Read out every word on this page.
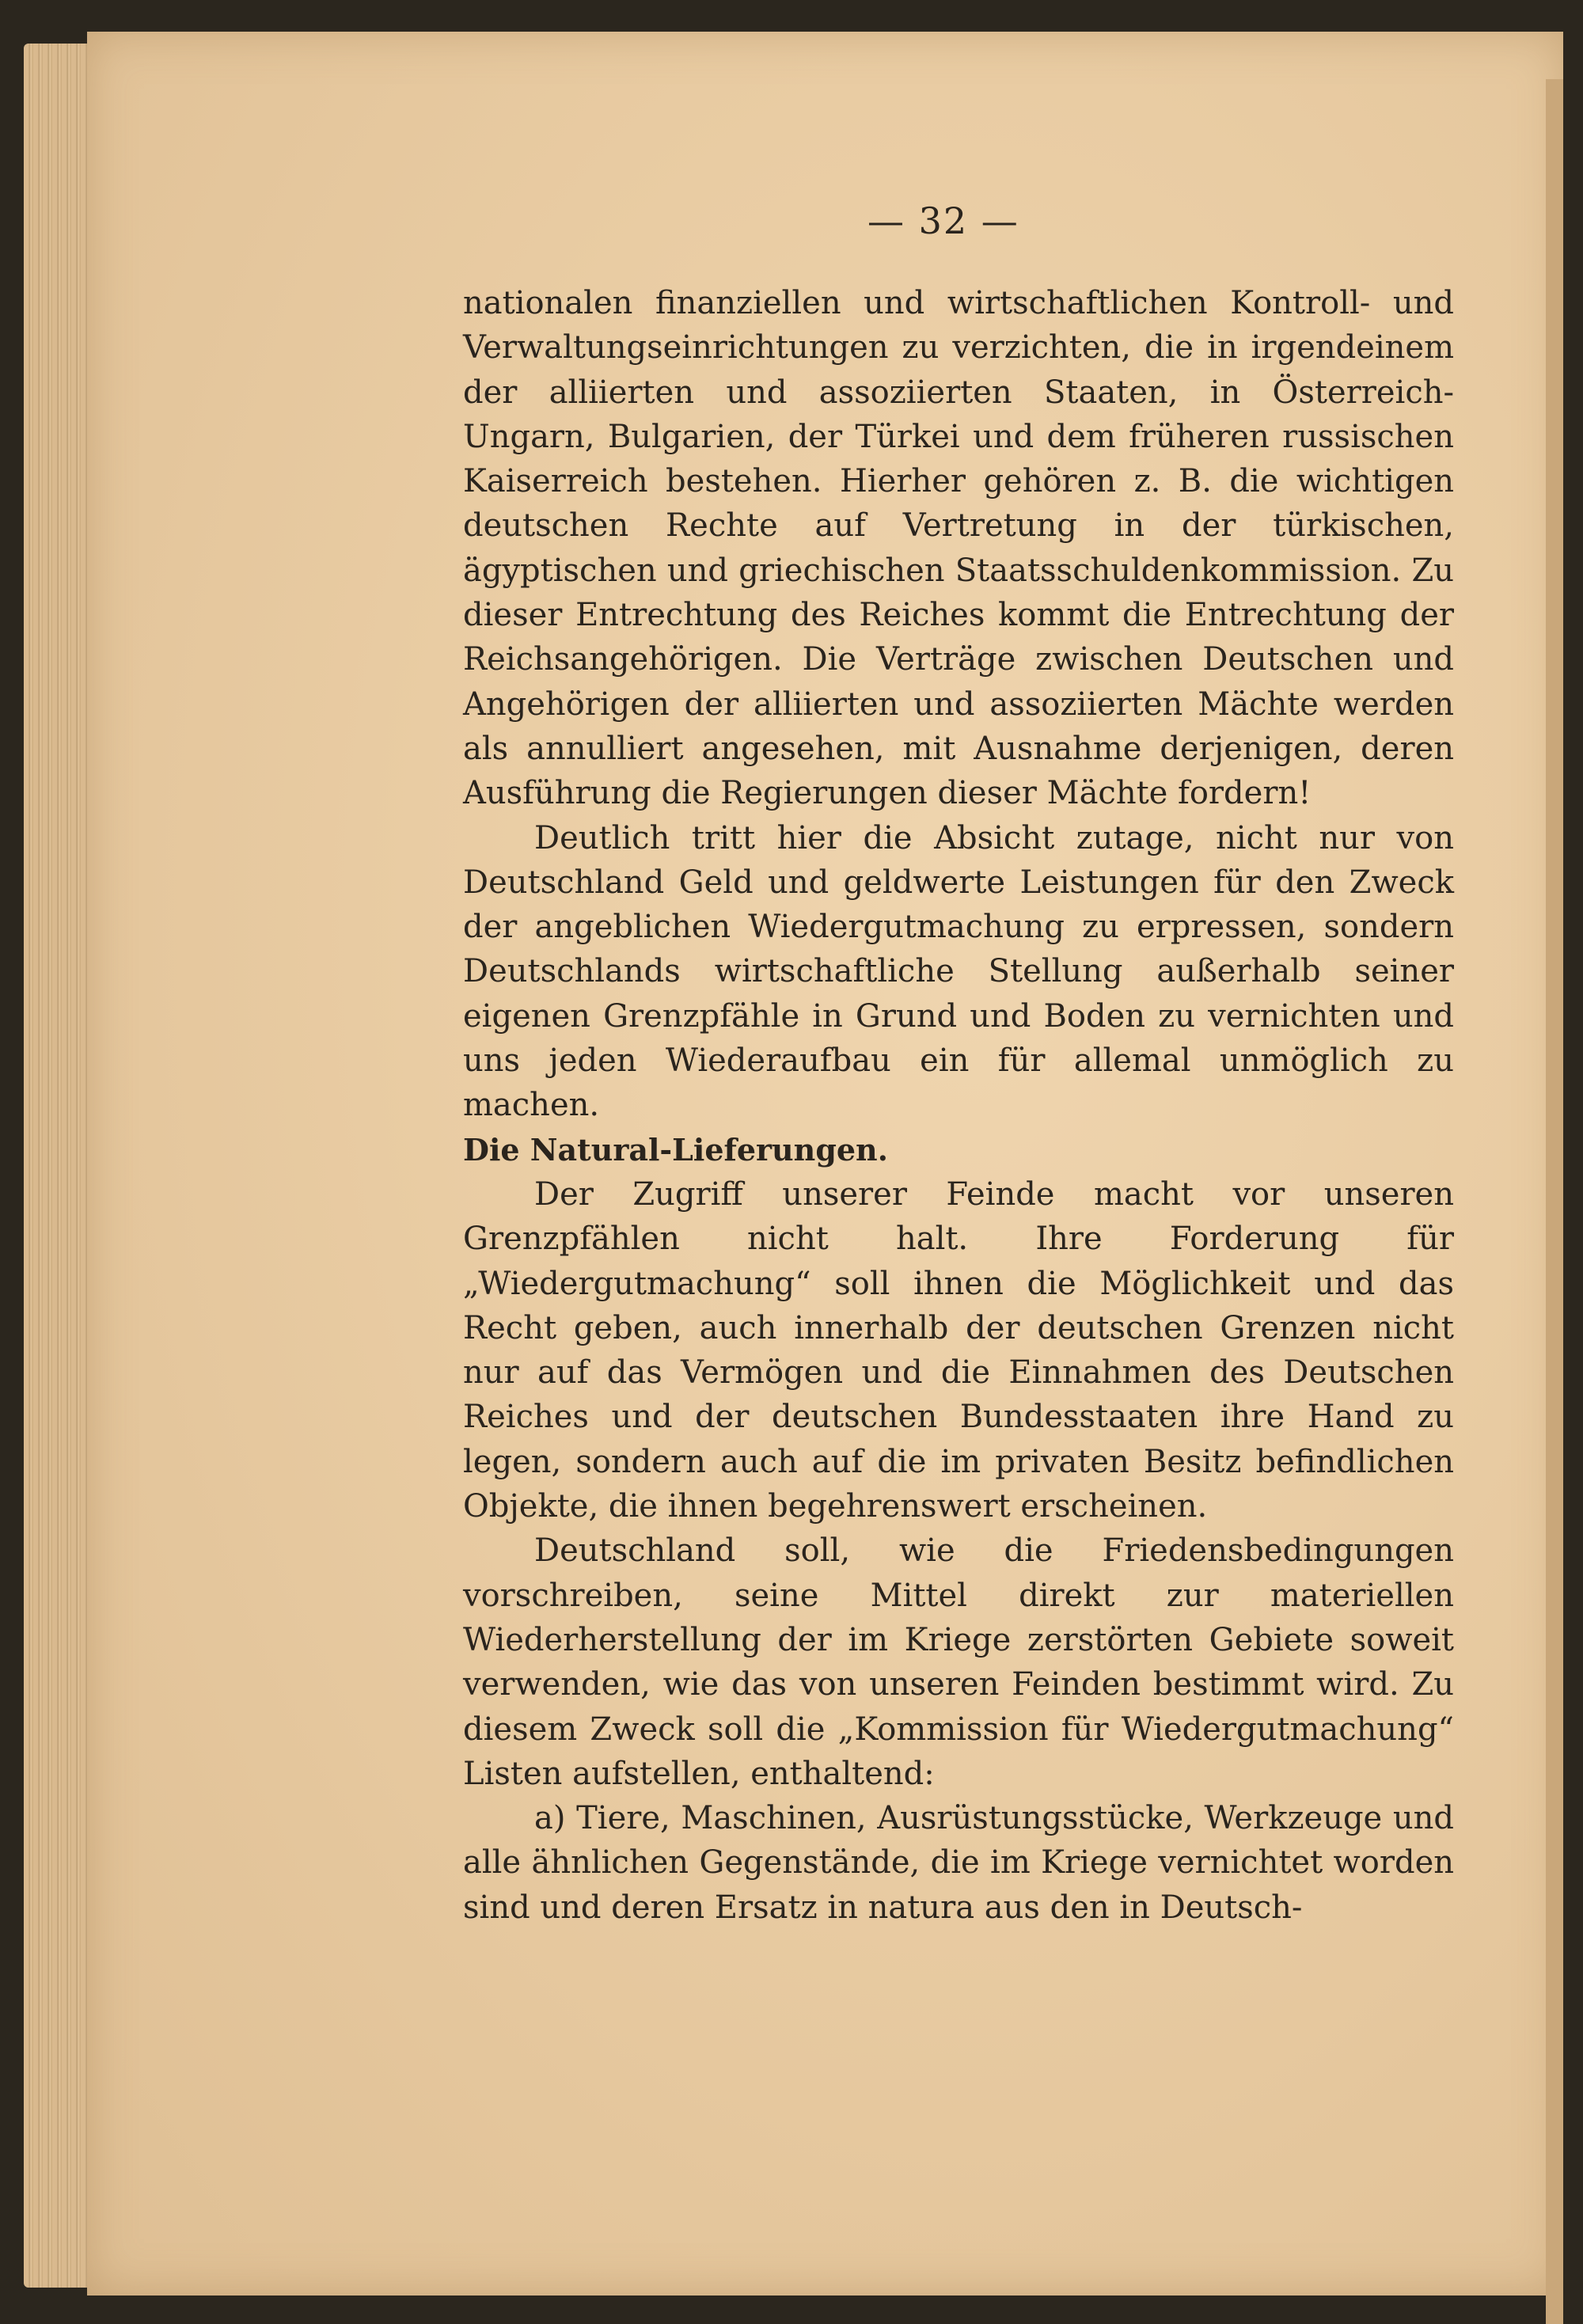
— 32 —

nationalen finanziellen und wirtschaftlichen Kontroll- und Verwaltungseinrichtungen zu verzichten, die in irgendeinem der alliierten und assoziierten Staaten, in Österreich-Ungarn, Bulgarien, der Türkei und dem früheren russischen Kaiserreich bestehen. Hierher gehören z. B. die wichtigen deutschen Rechte auf Vertretung in der türkischen, ägyptischen und griechischen Staatsschuldenkommission. Zu dieser Entrechtung des Reiches kommt die Entrechtung der Reichsangehörigen. Die Verträge zwischen Deutschen und Angehörigen der alliierten und assoziierten Mächte werden als annulliert angesehen, mit Ausnahme derjenigen, deren Ausführung die Regierungen dieser Mächte fordern!

Deutlich tritt hier die Absicht zutage, nicht nur von Deutschland Geld und geldwerte Leistungen für den Zweck der angeblichen Wiedergutmachung zu erpressen, sondern Deutschlands wirtschaftliche Stellung außerhalb seiner eigenen Grenzpfähle in Grund und Boden zu vernichten und uns jeden Wiederaufbau ein für allemal unmöglich zu machen.

Die Natural-Lieferungen.

Der Zugriff unserer Feinde macht vor unseren Grenzpfählen nicht halt. Ihre Forderung für „Wiedergutmachung“ soll ihnen die Möglichkeit und das Recht geben, auch innerhalb der deutschen Grenzen nicht nur auf das Vermögen und die Einnahmen des Deutschen Reiches und der deutschen Bundesstaaten ihre Hand zu legen, sondern auch auf die im privaten Besitz befindlichen Objekte, die ihnen begehrenswert erscheinen.

Deutschland soll, wie die Friedensbedingungen vorschreiben, seine Mittel direkt zur materiellen Wiederherstellung der im Kriege zerstörten Gebiete soweit verwenden, wie das von unseren Feinden bestimmt wird. Zu diesem Zweck soll die „Kommission für Wiedergutmachung“ Listen aufstellen, enthaltend:

a) Tiere, Maschinen, Ausrüstungsstücke, Werkzeuge und alle ähnlichen Gegenstände, die im Kriege vernichtet worden sind und deren Ersatz in natura aus den in Deutsch-
